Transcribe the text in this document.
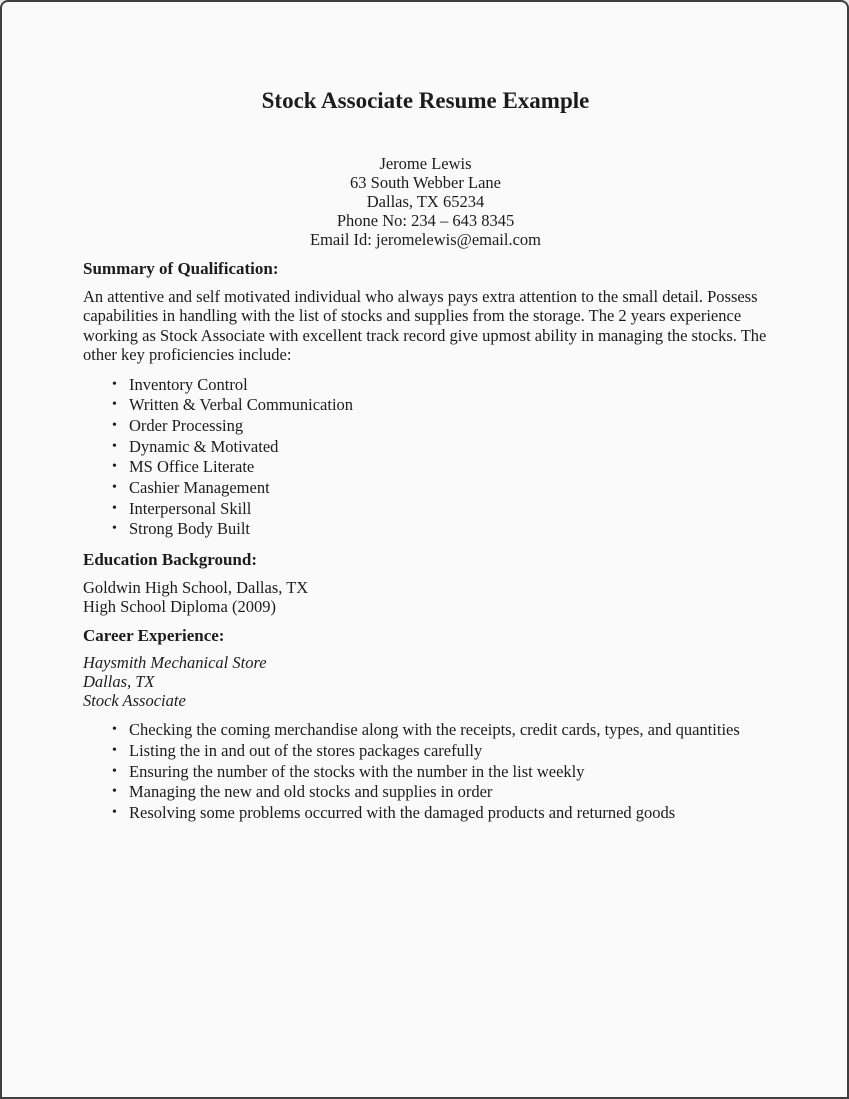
Stock Associate Resume Example
Jerome Lewis
63 South Webber Lane
Dallas, TX 65234
Phone No: 234 – 643 8345
Email Id: jeromelewis@email.com
Summary of Qualification:

An attentive and self motivated individual who always pays extra attention to the small detail. Possess capabilities in handling with the list of stocks and supplies from the storage. The 2 years experience working as Stock Associate with excellent track record give upmost ability in managing the stocks. The other key proficiencies include:

• Inventory Control
• Written & Verbal Communication
• Order Processing
• Dynamic & Motivated
• MS Office Literate
• Cashier Management
• Interpersonal Skill
• Strong Body Built
Education Background:
Goldwin High School, Dallas, TX
High School Diploma (2009)
Career Experience:
Haysmith Mechanical Store
Dallas, TX
Stock Associate
• Checking the coming merchandise along with the receipts, credit cards, types, and quantities
• Listing the in and out of the stores packages carefully
• Ensuring the number of the stocks with the number in the list weekly
• Managing the new and old stocks and supplies in order
• Resolving some problems occurred with the damaged products and returned goods
